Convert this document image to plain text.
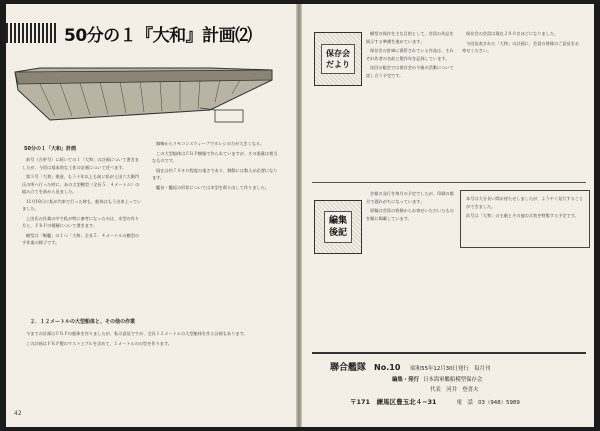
50分の１『大和』計画⑵
50分の１「大和」計画

前号（合併号）に続いての１「大和」の計画について書きましたが、今回は基本的な工作の計画について述べます。

第３号「大和」建造、もう十年以上も前に私が上田六大衛門氏の所へ行った時に、あの大型模型（全長５．４メートル）の組み立てを前から見ました。

11月18日に私が汽車で行った時も、船体はもう出来上っていました。

上田氏の作業の中で私が特に参考になったのは、木型の作り方と、ＦＲＰの積層について書きます。

模型は「戦艦」の１つ「大和」全長５．４メートルの模型の手作業の様子です。

無線からリモコンスウィープでホレシの力が大きくなる。

この大型船体はＦＲＰ樹脂で作られていますが、その重量は相当なものです。

現在は約７０キロ程度の重さであり、移動には数人が必要になります。

艦首・艦尾の形状については木型を削り出して作りました。

２．１２メートルの大型船体と、その他の作業

今までの計画はＦＲＰの船体を作りましたが、私の意見ですが、全長１２メートルの大型船体を作る計画もあります。

この計画はＦＲＰ製のマストとブルを含めて、１メートルのの型を作ります。

42
保存会
だより

模型の保存を主な目的として、会員の作品を展示する準備を進めています。

保存会の倉庫に保管されている作品は、それぞれ作者の名前と製作年を記録しています。

次回の総会では保存会の今後の活動について話し合う予定です。

保存会の会員は現在２００名ほどになりました。

今回発表された「大和」の計画に、会員の皆様のご意見をお寄せください。

編集
後記

会報の発行を毎月の予定でしたが、印刷の都合で遅れがちになっています。

原稿は会員の皆様からお寄せいただいたものを順に掲載しています。

本号は大分長い間お待たせしましたが、ようやく発行することができました。

次号は「大和」の主砲とその他の兵装を特集する予定です。

聯合艦隊 No.10 昭和55年12月30日発行　毎月刊
編集・発行 日本海軍艦船模型保存会
代表　河井　登喜夫
〒171　練馬区豊玉北４−31	電　話　03（948）5989
